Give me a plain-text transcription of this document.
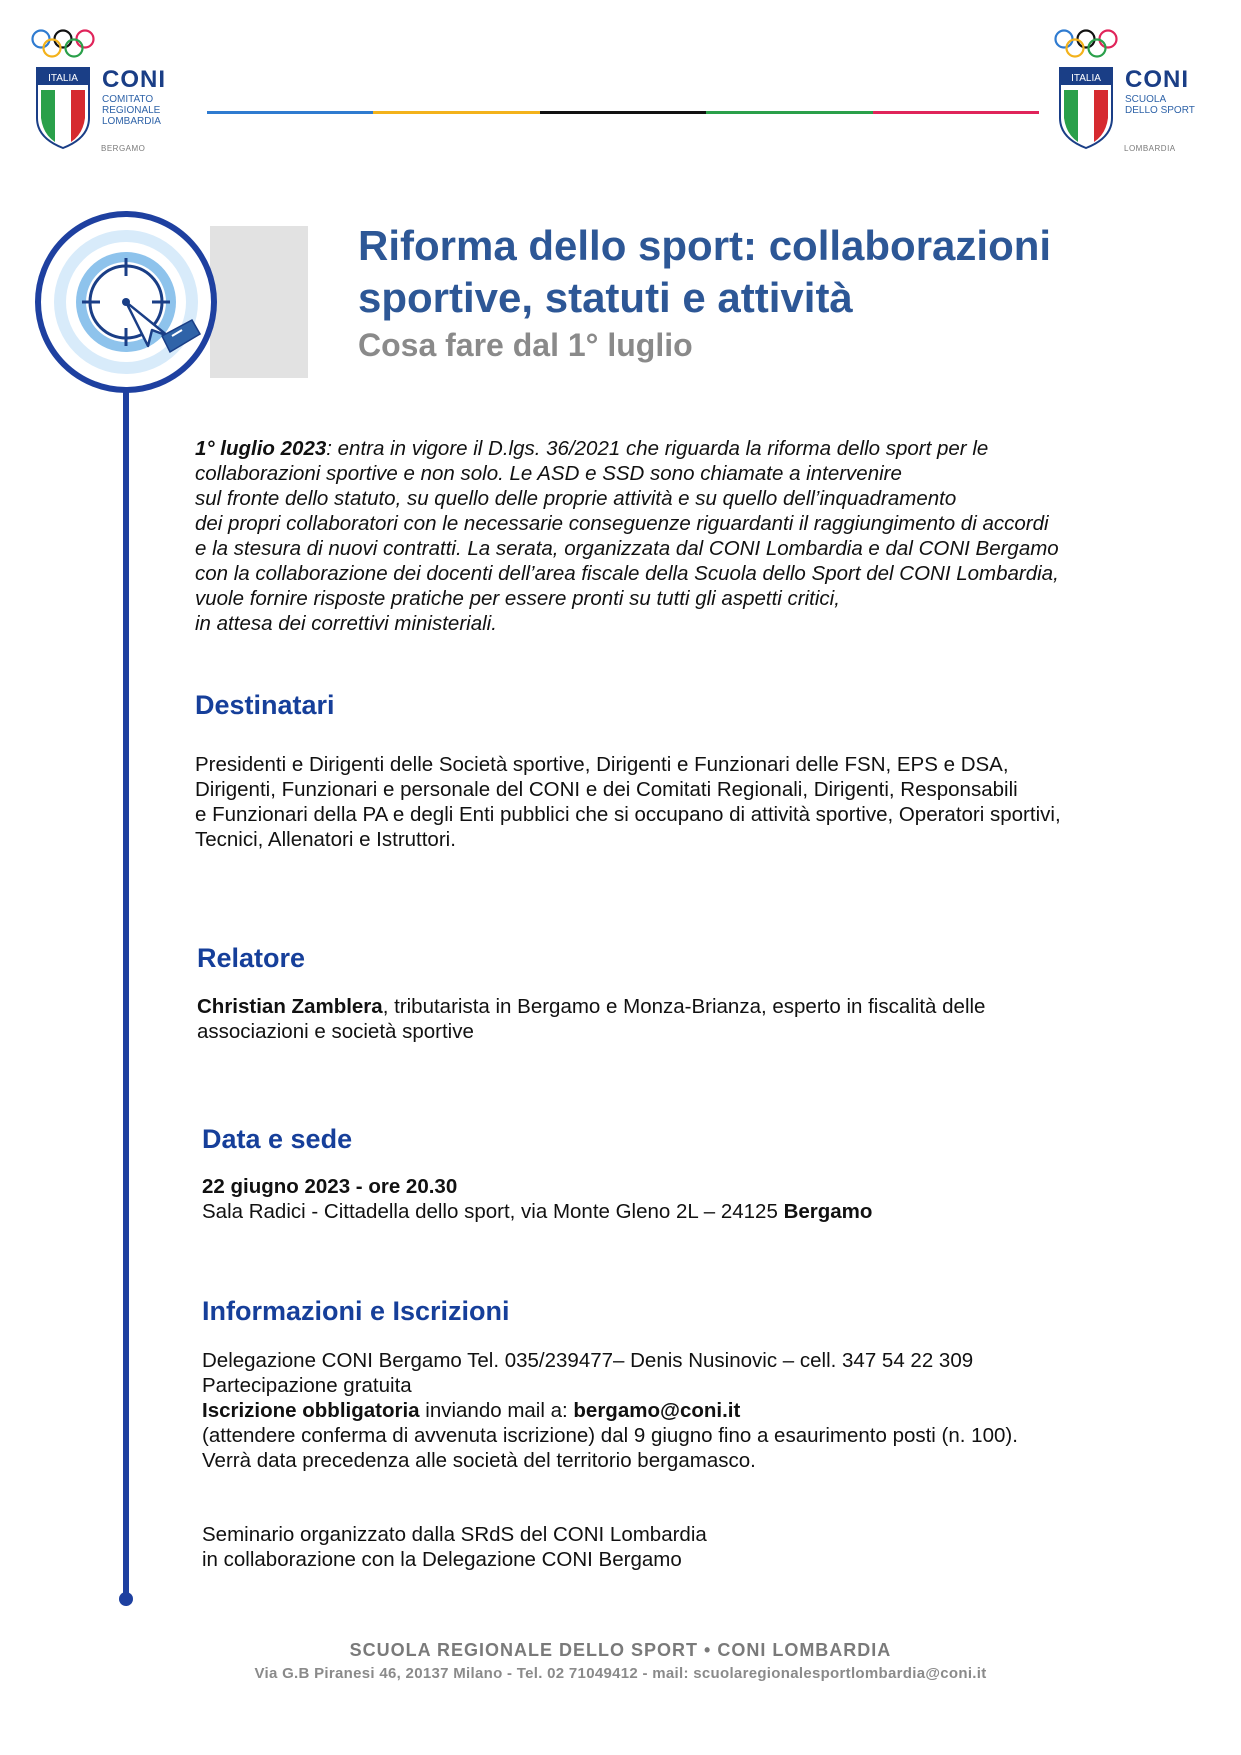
ITALIA CONI
COMITATO
REGIONALE
LOMBARDIA
BERGAMO
ITALIA CONI
SCUOLA
DELLO SPORT
LOMBARDIA
Riforma dello sport: collaborazioni
sportive, statuti e attività
Cosa fare dal 1° luglio
1° luglio 2023: entra in vigore il D.lgs. 36/2021 che riguarda la riforma dello sport per le
collaborazioni sportive e non solo. Le ASD e SSD sono chiamate a intervenire
sul fronte dello statuto, su quello delle proprie attività e su quello dell’inquadramento
dei propri collaboratori con le necessarie conseguenze riguardanti il raggiungimento di accordi
e la stesura di nuovi contratti. La serata, organizzata dal CONI Lombardia e dal CONI Bergamo
con la collaborazione dei docenti dell’area fiscale della Scuola dello Sport del CONI Lombardia,
vuole fornire risposte pratiche per essere pronti su tutti gli aspetti critici,
in attesa dei correttivi ministeriali.
Destinatari
Presidenti e Dirigenti delle Società sportive, Dirigenti e Funzionari delle FSN, EPS e DSA,
Dirigenti, Funzionari e personale del CONI e dei Comitati Regionali, Dirigenti, Responsabili
e Funzionari della PA e degli Enti pubblici che si occupano di attività sportive, Operatori sportivi,
Tecnici, Allenatori e Istruttori.
Relatore
Christian Zamblera, tributarista in Bergamo e Monza-Brianza, esperto in fiscalità delle
associazioni e società sportive
Data e sede
22 giugno 2023 - ore 20.30
Sala Radici - Cittadella dello sport, via Monte Gleno 2L – 24125 Bergamo
Informazioni e Iscrizioni
Delegazione CONI Bergamo Tel. 035/239477– Denis Nusinovic – cell. 347 54 22 309
Partecipazione gratuita
Iscrizione obbligatoria inviando mail a: bergamo@coni.it
(attendere conferma di avvenuta iscrizione) dal 9 giugno fino a esaurimento posti (n. 100).
Verrà data precedenza alle società del territorio bergamasco.
Seminario organizzato dalla SRdS del CONI Lombardia
in collaborazione con la Delegazione CONI Bergamo
SCUOLA REGIONALE DELLO SPORT • CONI LOMBARDIA
Via G.B Piranesi 46, 20137 Milano - Tel. 02 71049412 - mail: scuolaregionalesportlombardia@coni.it
